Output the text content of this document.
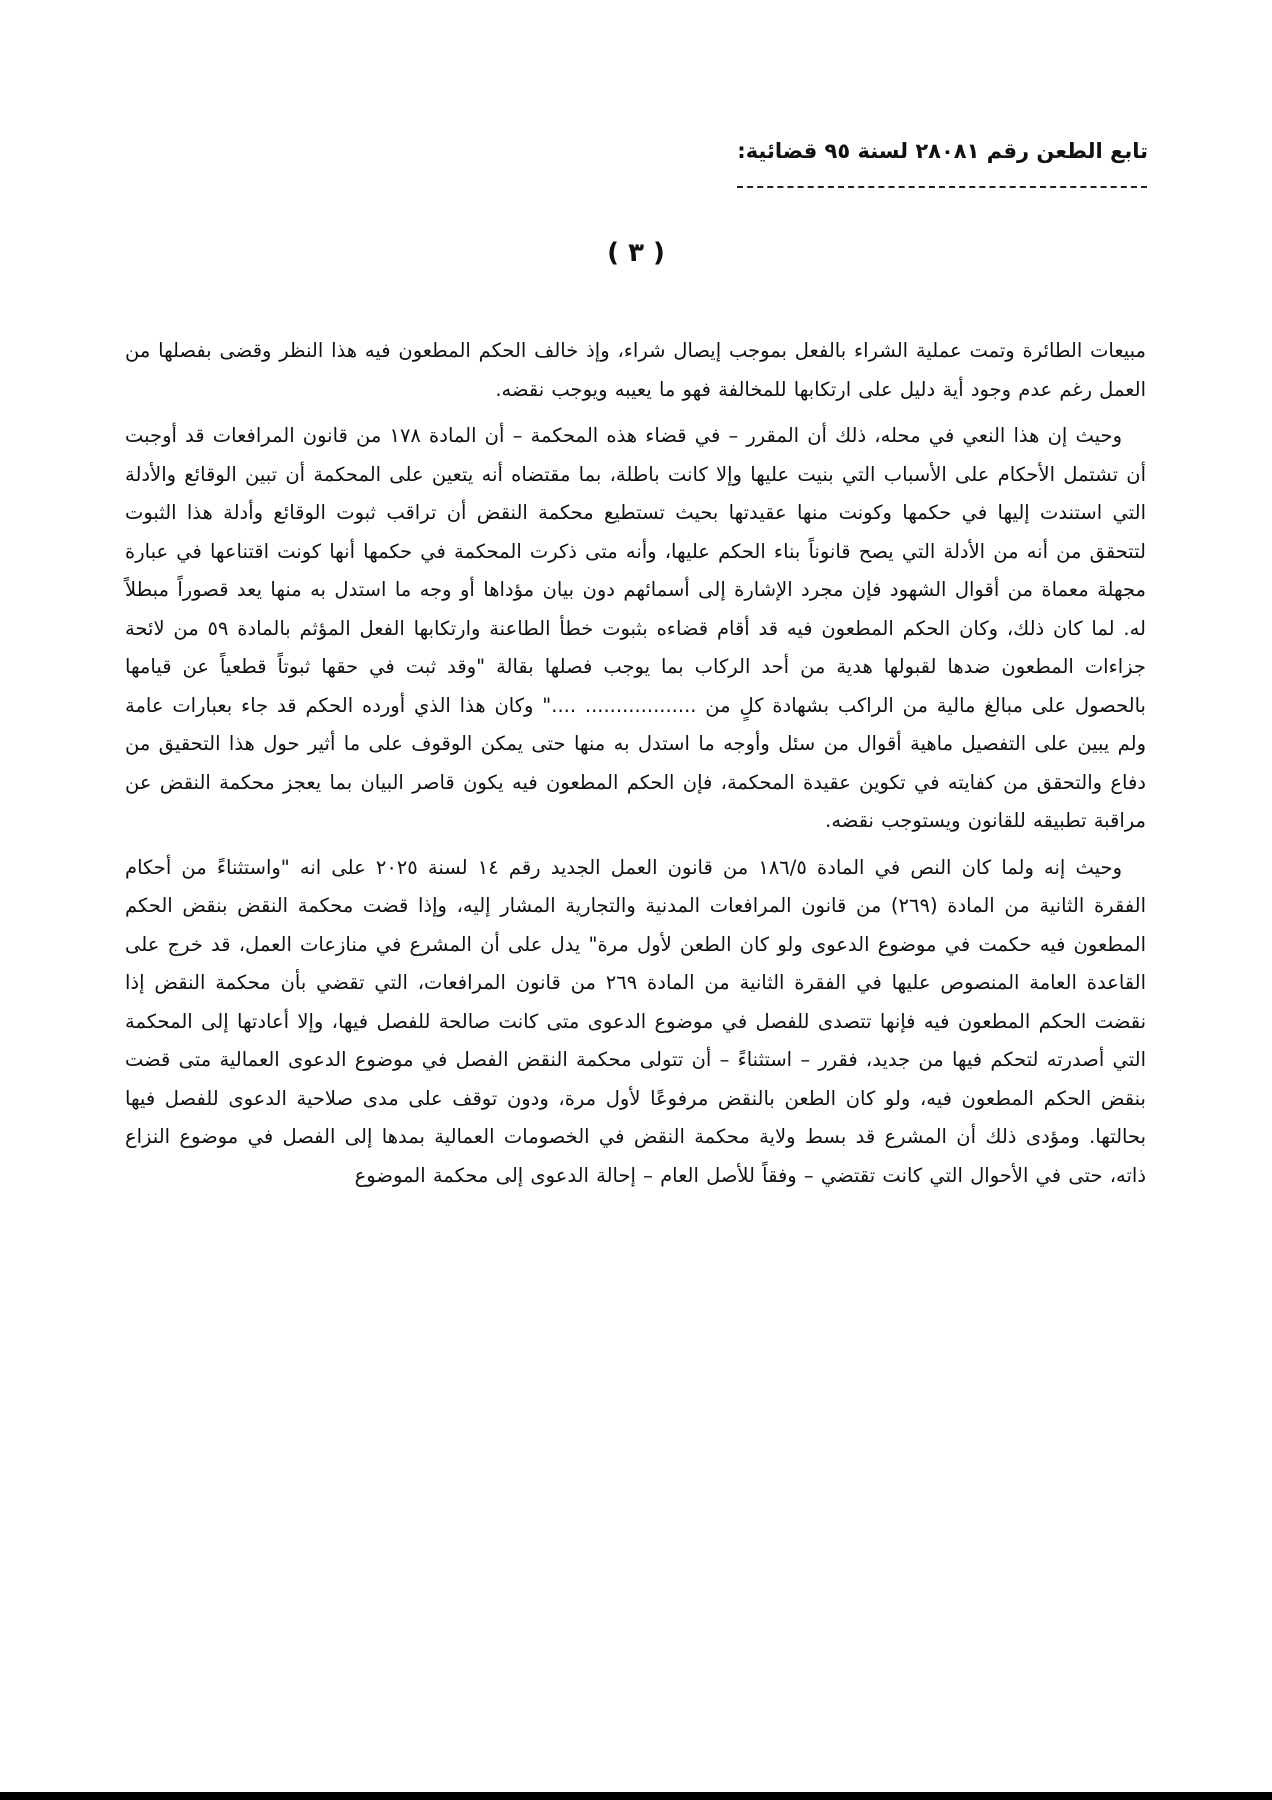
تابع الطعن رقم ٢٨٠٨١ لسنة ٩٥ قضائية:
( ٣ )

مبيعات الطائرة وتمت عملية الشراء بالفعل بموجب إيصال شراء، وإذ خالف الحكم المطعون فيه هذا النظر وقضى بفصلها من العمل رغم عدم وجود أية دليل على ارتكابها للمخالفة فهو ما يعيبه ويوجب نقضه.

وحيث إن هذا النعي في محله، ذلك أن المقرر – في قضاء هذه المحكمة – أن المادة ١٧٨ من قانون المرافعات قد أوجبت أن تشتمل الأحكام على الأسباب التي بنيت عليها وإلا كانت باطلة، بما مقتضاه أنه يتعين على المحكمة أن تبين الوقائع والأدلة التي استندت إليها في حكمها وكونت منها عقيدتها بحيث تستطيع محكمة النقض أن تراقب ثبوت الوقائع وأدلة هذا الثبوت لتتحقق من أنه من الأدلة التي يصح قانوناً بناء الحكم عليها، وأنه متى ذكرت المحكمة في حكمها أنها كونت اقتناعها في عبارة مجهلة معماة من أقوال الشهود فإن مجرد الإشارة إلى أسمائهم دون بيان مؤداها أو وجه ما استدل به منها يعد قصوراً مبطلاً له. لما كان ذلك، وكان الحكم المطعون فيه قد أقام قضاءه بثبوت خطأ الطاعنة وارتكابها الفعل المؤثم بالمادة ٥٩ من لائحة جزاءات المطعون ضدها لقبولها هدية من أحد الركاب بما يوجب فصلها بقالة "وقد ثبت في حقها ثبوتاً قطعياً عن قيامها بالحصول على مبالغ مالية من الراكب بشهادة كلٍ من .................. ...." وكان هذا الذي أورده الحكم قد جاء بعبارات عامة ولم يبين على التفصيل ماهية أقوال من سئل وأوجه ما استدل به منها حتى يمكن الوقوف على ما أثير حول هذا التحقيق من دفاع والتحقق من كفايته في تكوين عقيدة المحكمة، فإن الحكم المطعون فيه يكون قاصر البيان بما يعجز محكمة النقض عن مراقبة تطبيقه للقانون ويستوجب نقضه.

وحيث إنه ولما كان النص في المادة ١٨٦/٥ من قانون العمل الجديد رقم ١٤ لسنة ٢٠٢٥ على انه "واستثناءً من أحكام الفقرة الثانية من المادة (٢٦٩) من قانون المرافعات المدنية والتجارية المشار إليه، وإذا قضت محكمة النقض بنقض الحكم المطعون فيه حكمت في موضوع الدعوى ولو كان الطعن لأول مرة" يدل على أن المشرع في منازعات العمل، قد خرج على القاعدة العامة المنصوص عليها في الفقرة الثانية من المادة ٢٦٩ من قانون المرافعات، التي تقضي بأن محكمة النقض إذا نقضت الحكم المطعون فيه فإنها تتصدى للفصل في موضوع الدعوى متى كانت صالحة للفصل فيها، وإلا أعادتها إلى المحكمة التي أصدرته لتحكم فيها من جديد، فقرر – استثناءً – أن تتولى محكمة النقض الفصل في موضوع الدعوى العمالية متى قضت بنقض الحكم المطعون فيه، ولو كان الطعن بالنقض مرفوعًا لأول مرة، ودون توقف على مدى صلاحية الدعوى للفصل فيها بحالتها. ومؤدى ذلك أن المشرع قد بسط ولاية محكمة النقض في الخصومات العمالية بمدها إلى الفصل في موضوع النزاع ذاته، حتى في الأحوال التي كانت تقتضي – وفقاً للأصل العام – إحالة الدعوى إلى محكمة الموضوع
